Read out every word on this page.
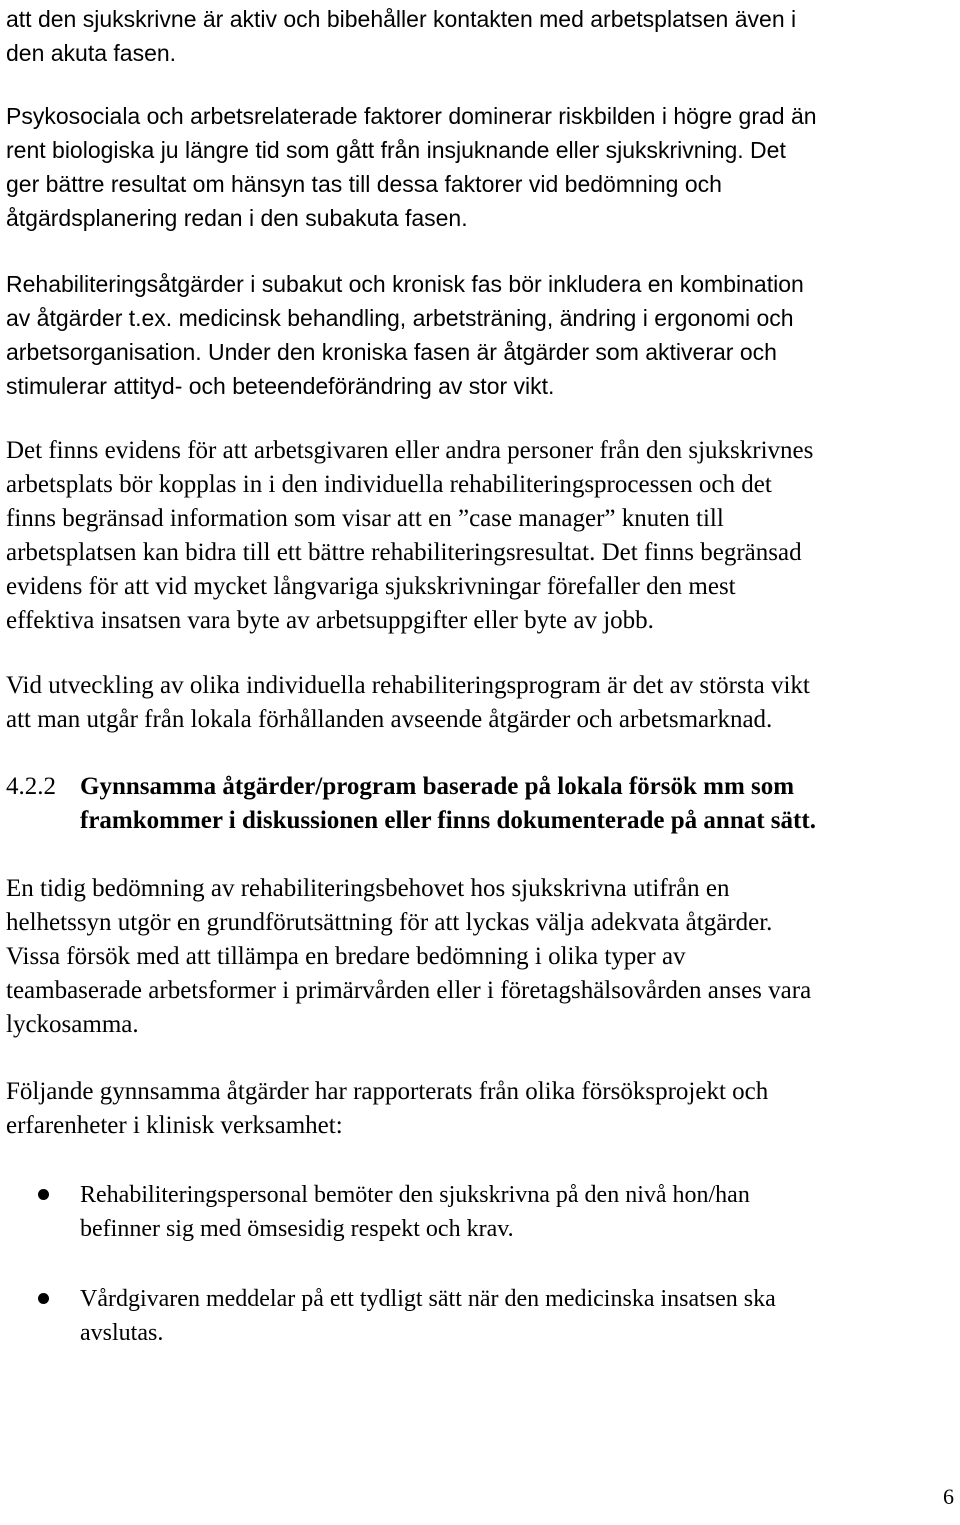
att den sjukskrivne är aktiv och bibehåller kontakten med arbetsplatsen även i
den akuta fasen.

Psykosociala och arbetsrelaterade faktorer dominerar riskbilden i högre grad än
rent biologiska ju längre tid som gått från insjuknande eller sjukskrivning. Det
ger bättre resultat om hänsyn tas till dessa faktorer vid bedömning och
åtgärdsplanering redan i den subakuta fasen.

Rehabiliteringsåtgärder i subakut och kronisk fas bör inkludera en kombination
av åtgärder t.ex. medicinsk behandling, arbetsträning, ändring i ergonomi och
arbetsorganisation. Under den kroniska fasen är åtgärder som aktiverar och
stimulerar attityd- och beteendeförändring av stor vikt.

Det finns evidens för att arbetsgivaren eller andra personer från den sjukskrivnes
arbetsplats bör kopplas in i den individuella rehabiliteringsprocessen och det
finns begränsad information som visar att en ”case manager” knuten till
arbetsplatsen kan bidra till ett bättre rehabiliteringsresultat. Det finns begränsad
evidens för att vid mycket långvariga sjukskrivningar förefaller den mest
effektiva insatsen vara byte av arbetsuppgifter eller byte av jobb.

Vid utveckling av olika individuella rehabiliteringsprogram är det av största vikt
att man utgår från lokala förhållanden avseende åtgärder och arbetsmarknad.

4.2.2 Gynnsamma åtgärder/program baserade på lokala försök mm som
framkommer i diskussionen eller finns dokumenterade på annat sätt.

En tidig bedömning av rehabiliteringsbehovet hos sjukskrivna utifrån en
helhetssyn utgör en grundförutsättning för att lyckas välja adekvata åtgärder.
Vissa försök med att tillämpa en bredare bedömning i olika typer av
teambaserade arbetsformer i primärvården eller i företagshälsovården anses vara
lyckosamma.

Följande gynnsamma åtgärder har rapporterats från olika försöksprojekt och
erfarenheter i klinisk verksamhet:

Rehabiliteringspersonal bemöter den sjukskrivna på den nivå hon/han
befinner sig med ömsesidig respekt och krav.
Vårdgivaren meddelar på ett tydligt sätt när den medicinska insatsen ska
avslutas.
6
